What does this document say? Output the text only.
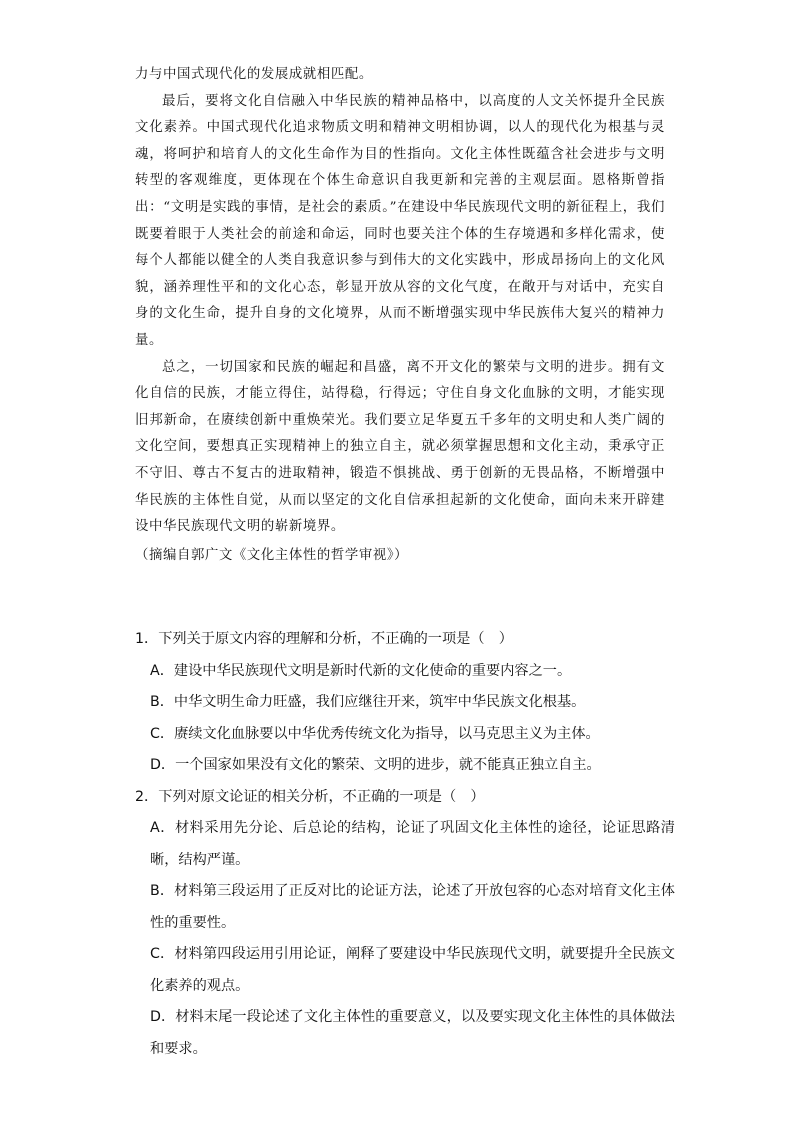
力与中国式现代化的发展成就相匹配。

最后，要将文化自信融入中华民族的精神品格中，以高度的人文关怀提升全民族文化素养。中国式现代化追求物质文明和精神文明相协调，以人的现代化为根基与灵魂，将呵护和培育人的文化生命作为目的性指向。文化主体性既蕴含社会进步与文明转型的客观维度，更体现在个体生命意识自我更新和完善的主观层面。恩格斯曾指出：“文明是实践的事情，是社会的素质。”在建设中华民族现代文明的新征程上，我们既要着眼于人类社会的前途和命运，同时也要关注个体的生存境遇和多样化需求，使每个人都能以健全的人类自我意识参与到伟大的文化实践中，形成昂扬向上的文化风貌，涵养理性平和的文化心态，彰显开放从容的文化气度，在敞开与对话中，充实自身的文化生命，提升自身的文化境界，从而不断增强实现中华民族伟大复兴的精神力量。

总之，一切国家和民族的崛起和昌盛，离不开文化的繁荣与文明的进步。拥有文化自信的民族，才能立得住，站得稳，行得远；守住自身文化血脉的文明，才能实现旧邦新命，在赓续创新中重焕荣光。我们要立足华夏五千多年的文明史和人类广阔的文化空间，要想真正实现精神上的独立自主，就必须掌握思想和文化主动，秉承守正不守旧、尊古不复古的进取精神，锻造不惧挑战、勇于创新的无畏品格，不断增强中华民族的主体性自觉，从而以坚定的文化自信承担起新的文化使命，面向未来开辟建设中华民族现代文明的崭新境界。

（摘编自郭广文《文化主体性的哲学审视》）

1．下列关于原文内容的理解和分析，不正确的一项是（　）

A．建设中华民族现代文明是新时代新的文化使命的重要内容之一。

B．中华文明生命力旺盛，我们应继往开来，筑牢中华民族文化根基。

C．赓续文化血脉要以中华优秀传统文化为指导，以马克思主义为主体。

D．一个国家如果没有文化的繁荣、文明的进步，就不能真正独立自主。

2．下列对原文论证的相关分析，不正确的一项是（　）

A．材料采用先分论、后总论的结构，论证了巩固文化主体性的途径，论证思路清晰，结构严谨。

B．材料第三段运用了正反对比的论证方法，论述了开放包容的心态对培育文化主体性的重要性。

C．材料第四段运用引用论证，阐释了要建设中华民族现代文明，就要提升全民族文化素养的观点。

D．材料末尾一段论述了文化主体性的重要意义，以及要实现文化主体性的具体做法和要求。
